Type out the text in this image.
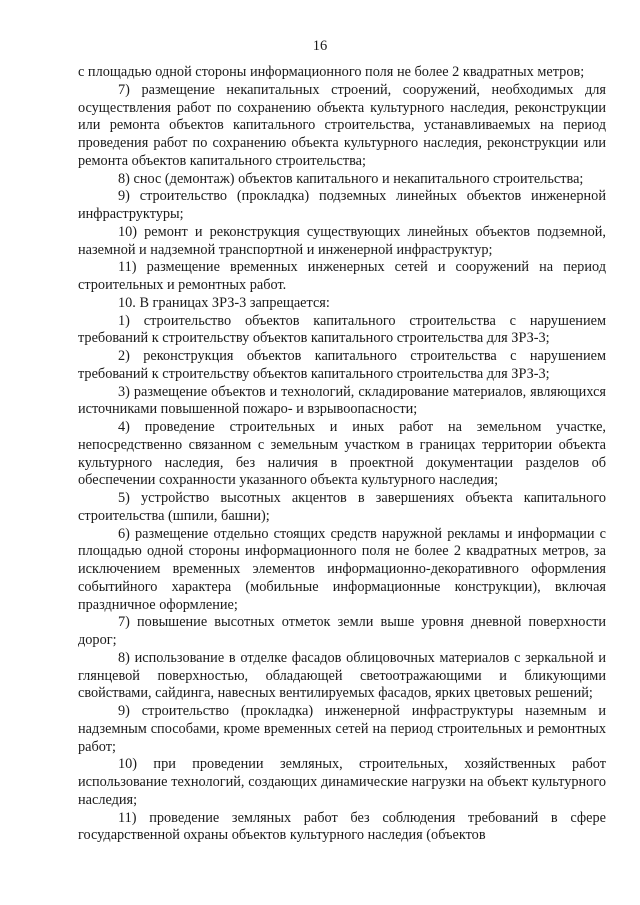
16

с площадью одной стороны информационного поля не более 2 квадратных метров;

7) размещение некапитальных строений, сооружений, необходимых для осуществления работ по сохранению объекта культурного наследия, реконструкции или ремонта объектов капитального строительства, устанавливаемых на период проведения работ по сохранению объекта культурного наследия, реконструкции или ремонта объектов капитального строительства;

8) снос (демонтаж) объектов капитального и некапитального строительства;

9) строительство (прокладка) подземных линейных объектов инженерной инфраструктуры;

10) ремонт и реконструкция существующих линейных объектов подземной, наземной и надземной транспортной и инженерной инфраструктур;

11) размещение временных инженерных сетей и сооружений на период строительных и ремонтных работ.

10. В границах ЗРЗ-3 запрещается:

1) строительство объектов капитального строительства с нарушением требований к строительству объектов капитального строительства для ЗРЗ-3;

2) реконструкция объектов капитального строительства с нарушением требований к строительству объектов капитального строительства для ЗРЗ-3;

3) размещение объектов и технологий, складирование материалов, являющихся источниками повышенной пожаро- и взрывоопасности;

4) проведение строительных и иных работ на земельном участке, непосредственно связанном с земельным участком в границах территории объекта культурного наследия, без наличия в проектной документации разделов об обеспечении сохранности указанного объекта культурного наследия;

5) устройство высотных акцентов в завершениях объекта капитального строительства (шпили, башни);

6) размещение отдельно стоящих средств наружной рекламы и информации с площадью одной стороны информационного поля не более 2 квадратных метров, за исключением временных элементов информационно-декоративного оформления событийного характера (мобильные информационные конструкции), включая праздничное оформление;

7) повышение высотных отметок земли выше уровня дневной поверхности дорог;

8) использование в отделке фасадов облицовочных материалов с зеркальной и глянцевой поверхностью, обладающей светоотражающими и бликующими свойствами, сайдинга, навесных вентилируемых фасадов, ярких цветовых решений;

9) строительство (прокладка) инженерной инфраструктуры наземным и надземным способами, кроме временных сетей на период строительных и ремонтных работ;

10) при проведении земляных, строительных, хозяйственных работ использование технологий, создающих динамические нагрузки на объект культурного наследия;

11) проведение земляных работ без соблюдения требований в сфере государственной охраны объектов культурного наследия (объектов
